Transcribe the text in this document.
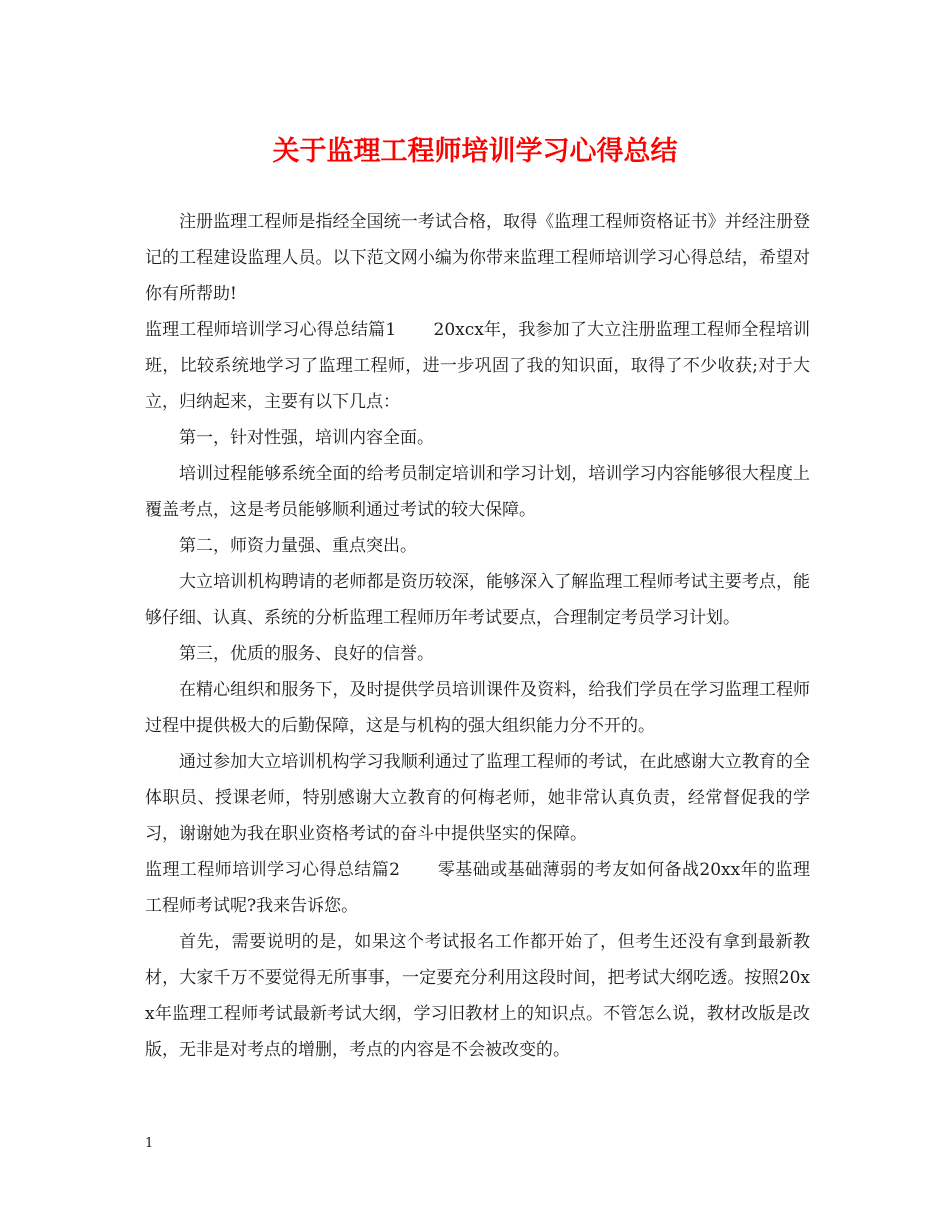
关于监理工程师培训学习心得总结

注册监理工程师是指经全国统一考试合格，取得《监理工程师资格证书》并经注册登记的工程建设监理人员。以下范文网小编为你带来监理工程师培训学习心得总结，希望对你有所帮助!

监理工程师培训学习心得总结篇1 20xcx年，我参加了大立注册监理工程师全程培训班，比较系统地学习了监理工程师，进一步巩固了我的知识面，取得了不少收获;对于大立，归纳起来，主要有以下几点：

第一，针对性强，培训内容全面。

培训过程能够系统全面的给考员制定培训和学习计划，培训学习内容能够很大程度上覆盖考点，这是考员能够顺利通过考试的较大保障。

第二，师资力量强、重点突出。

大立培训机构聘请的老师都是资历较深，能够深入了解监理工程师考试主要考点，能够仔细、认真、系统的分析监理工程师历年考试要点，合理制定考员学习计划。

第三，优质的服务、良好的信誉。

在精心组织和服务下，及时提供学员培训课件及资料，给我们学员在学习监理工程师过程中提供极大的后勤保障，这是与机构的强大组织能力分不开的。

通过参加大立培训机构学习我顺利通过了监理工程师的考试，在此感谢大立教育的全体职员、授课老师，特别感谢大立教育的何梅老师，她非常认真负责，经常督促我的学习，谢谢她为我在职业资格考试的奋斗中提供坚实的保障。

监理工程师培训学习心得总结篇2 零基础或基础薄弱的考友如何备战20xx年的监理工程师考试呢?我来告诉您。

首先，需要说明的是，如果这个考试报名工作都开始了，但考生还没有拿到最新教材，大家千万不要觉得无所事事，一定要充分利用这段时间，把考试大纲吃透。按照20xx年监理工程师考试最新考试大纲，学习旧教材上的知识点。不管怎么说，教材改版是改版，无非是对考点的增删，考点的内容是不会被改变的。

1
